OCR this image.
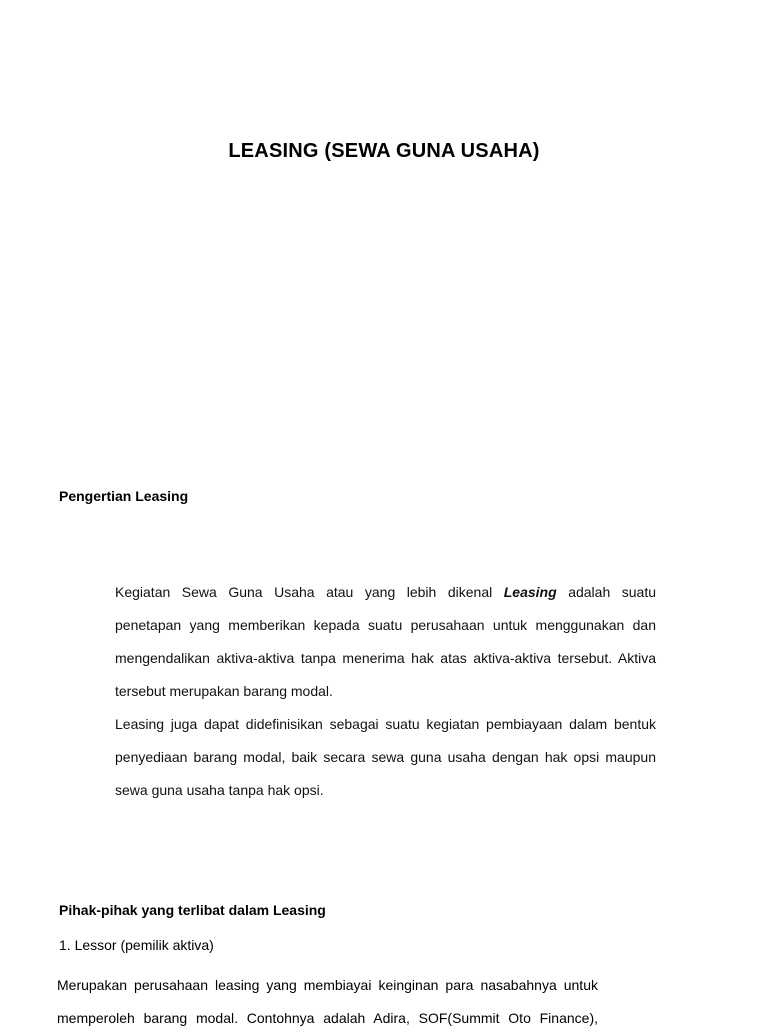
LEASING (SEWA GUNA USAHA)
Pengertian Leasing
Kegiatan Sewa Guna Usaha atau yang lebih dikenal Leasing adalah suatu
penetapan yang memberikan kepada suatu perusahaan untuk menggunakan dan
mengendalikan aktiva-aktiva tanpa menerima hak atas aktiva-aktiva tersebut. Aktiva
tersebut merupakan barang modal.
Leasing juga dapat didefinisikan sebagai suatu kegiatan pembiayaan dalam bentuk
penyediaan barang modal, baik secara sewa guna usaha dengan hak opsi maupun
sewa guna usaha tanpa hak opsi.
Pihak-pihak yang terlibat dalam Leasing
1. Lessor (pemilik aktiva)
Merupakan perusahaan leasing yang membiayai keinginan para nasabahnya untuk
memperoleh barang modal. Contohnya adalah Adira, SOF(Summit Oto Finance),
